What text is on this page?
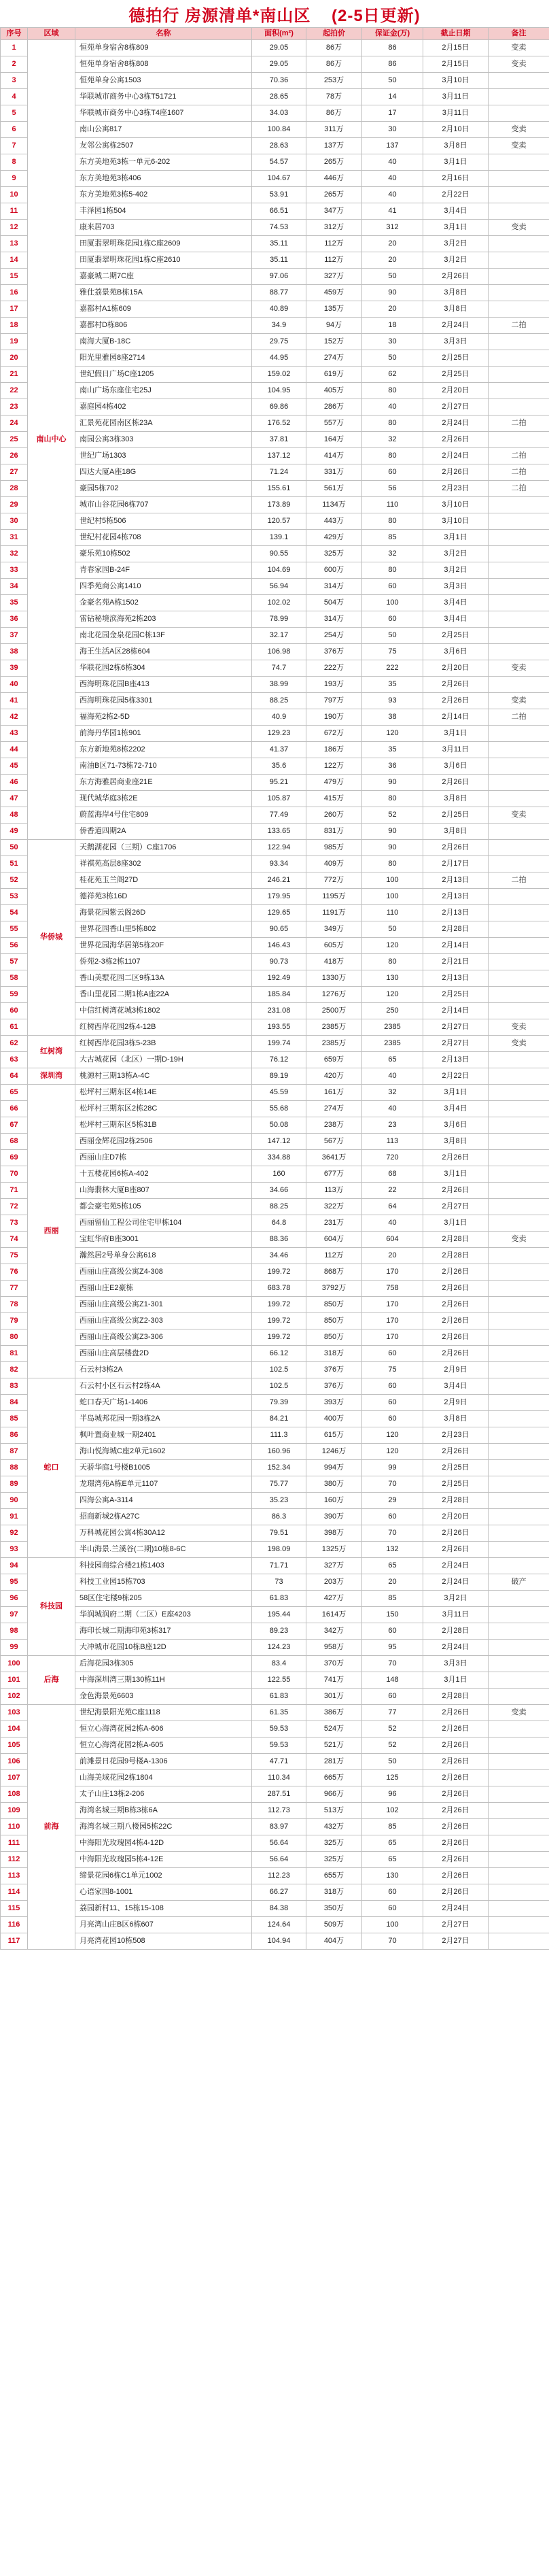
德拍行 房源清单*南山区    (2-5日更新)
序号	区域	名称	面积(m²)	起拍价	保证金(万)	截止日期	备注
1	南山中心	恒苑单身宿舍8栋809	29.05	86万	86	2月15日	变卖
2		恒苑单身宿舍8栋808	29.05	86万	86	2月15日	变卖
3		恒苑单身公寓1503	70.36	253万	50	3月10日	
4		华联城市商务中心3栋T51721	28.65	78万	14	3月11日	
5		华联城市商务中心3栋T4座1607	34.03	86万	17	3月11日	
6		南山公寓817	100.84	311万	30	2月10日	变卖
7		友邻公寓栋2507	28.63	137万	137	3月8日	变卖
8		东方美地苑3栋一单元6-202	54.57	265万	40	3月1日	
9		东方美地苑3栋406	104.67	446万	40	2月16日	
10		东方美地苑3栋5-402	53.91	265万	40	2月22日	
11		丰泽园1栋504	66.51	347万	41	3月4日	
12		康来居703	74.53	312万	312	3月1日	变卖
13		田厦翡翠明珠花园1栋C座2609	35.11	112万	20	3月2日	
14		田厦翡翠明珠花园1栋C座2610	35.11	112万	20	3月2日	
15		嘉豪城二期7C座	97.06	327万	50	2月26日	
16		雅仕荔景苑B栋15A	88.77	459万	90	3月8日	
17		嘉都村A1栋609	40.89	135万	20	3月8日	
18		嘉都村D栋806	34.9	94万	18	2月24日	二拍
19		南海大厦B-18C	29.75	152万	30	3月3日	
20		阳光里雅园8座2714	44.95	274万	50	2月25日	
21		世纪假日广场C座1205	159.02	619万	62	2月25日	
22		南山广场东座住宅25J	104.95	405万	80	2月20日	
23		嘉庭园4栋402	69.86	286万	40	2月27日	
24		汇景苑花园南区栋23A	176.52	557万	80	2月24日	二拍
25		南园公寓3栋303	37.81	164万	32	2月26日	
26		世纪广场1303	137.12	414万	80	2月24日	二拍
27		四达大厦A座18G	71.24	331万	60	2月26日	二拍
28		豪园5栋702	155.61	561万	56	2月23日	二拍
29		城市山谷花园6栋707	173.89	1134万	110	3月10日	
30		世纪村5栋506	120.57	443万	80	3月10日	
31		世纪村花园4栋708	139.1	429万	85	3月1日	
32		豪乐苑10栋502	90.55	325万	32	3月2日	
33		青春家园B-24F	104.69	600万	80	3月2日	
34		四季苑商公寓1410	56.94	314万	60	3月3日	
35		金豪名苑A栋1502	102.02	504万	100	3月4日	
36		雷钻秘境滨海苑2栋203	78.99	314万	60	3月4日	
37		南北花园金泉花园C栋13F	32.17	254万	50	2月25日	
38		海王生活A区28栋604	106.98	376万	75	3月6日	
39		华联花园2栋6栋304	74.7	222万	222	2月20日	变卖
40		西海明珠花园B座413	38.99	193万	35	2月26日	
41		西海明珠花园5栋3301	88.25	797万	93	2月26日	变卖
42		福海苑2栋2-5D	40.9	190万	38	2月14日	二拍
43		前海丹华园1栋901	129.23	672万	120	3月1日	
44		东方新地苑8栋2202	41.37	186万	35	3月11日	
45		南油B区71-73栋72-710	35.6	122万	36	3月6日	
46		东方海雅居商业座21E	95.21	479万	90	2月26日	
47		现代城华庭3栋2E	105.87	415万	80	3月8日	
48		蔚蓝海岸4号住宅809	77.49	260万	52	2月25日	变卖
49		侨香道四期2A	133.65	831万	90	3月8日	
50	华侨城	天鹅湖花园（三期）C座1706	122.94	985万	90	2月26日	
51		祥祺苑高层8座302	93.34	409万	80	2月17日	
52		桂花苑玉兰阁27D	246.21	772万	100	2月13日	二拍
53		德祥苑3栋16D	179.95	1195万	100	2月13日	
54		海景花园紫云阁26D	129.65	1191万	110	2月13日	
55		世界花园香山里5栋802	90.65	349万	50	2月28日	
56		世界花园海华居第5栋20F	146.43	605万	120	2月14日	
57		侨苑2-3栋2栋1107	90.73	418万	80	2月21日	
58		香山美墅花园二区9栋13A	192.49	1330万	130	2月13日	
59		香山里花园二期1栋A座22A	185.84	1276万	120	2月25日	
60		中信红树湾花城3栋1802	231.08	2500万	250	2月14日	
61		红树西岸花园2栋4-12B	193.55	2385万	2385	2月27日	变卖
62	红树湾	红树西岸花园3栋5-23B	199.74	2385万	2385	2月27日	变卖
63		大古城花园（北区）一期D-19H	76.12	659万	65	2月13日	
64	深圳湾	桃源村三期13栋A-4C	89.19	420万	40	2月22日	
65	西丽	松坪村三期东区4栋14E	45.59	161万	32	3月1日	
66		松坪村三期东区2栋28C	55.68	274万	40	3月4日	
67		松坪村三期东区5栋31B	50.08	238万	23	3月6日	
68		西丽金辉花园2栋2506	147.12	567万	113	3月8日	
69		西丽山庄D7栋	334.88	3641万	720	2月26日	
70		十五楼花园6栋A-402	160	677万	68	3月1日	
71		山海翡林大厦B座807	34.66	113万	22	2月26日	
72		都会豪宅苑5栋105	88.25	322万	64	2月27日	
73		西丽留仙工程公司住宅甲栋104	64.8	231万	40	3月1日	
74		宝虹华府B座3001	88.36	604万	604	2月28日	变卖
75		瀚然居2号单身公寓618	34.46	112万	20	2月28日	
76		西丽山庄高级公寓Z4-308	199.72	868万	170	2月26日	
77		西丽山庄E2豪栋	683.78	3792万	758	2月26日	
78		西丽山庄高级公寓Z1-301	199.72	850万	170	2月26日	
79		西丽山庄高级公寓Z2-303	199.72	850万	170	2月26日	
80		西丽山庄高级公寓Z3-306	199.72	850万	170	2月26日	
81		西丽山庄高层楼盘2D	66.12	318万	60	2月26日	
82		石云村3栋2A	102.5	376万	75	2月9日	
83	蛇口	石云村小区石云村2栋4A	102.5	376万	60	3月4日	
84		蛇口春天广场1-1406	79.39	393万	60	2月9日	
85		半岛城邦花园一期3栋2A	84.21	400万	60	3月8日	
86		枫叶置商业城一期2401	111.3	615万	120	2月23日	
87		海山悦海城C座2单元1602	160.96	1246万	120	2月26日	
88		天骄华庭1号楼B1005	152.34	994万	99	2月25日	
89		龙璟湾苑A栋E单元1107	75.77	380万	70	2月25日	
90		四海公寓A-3114	35.23	160万	29	2月28日	
91		招商新城2栋A27C	86.3	390万	60	2月20日	
92		万科城花园公寓4栋30A12	79.51	398万	70	2月26日	
93		半山海景.兰溪谷(二期)10栋8-6C	198.09	1325万	132	2月26日	
94	科技园	科技园商综合楼21栋1403	71.71	327万	65	2月24日	
95		科技工业园15栋703	73	203万	20	2月24日	破产
96		58区住宅楼9栋205	61.83	427万	85	3月2日	
97		华润城润府二期（二区）E座4203	195.44	1614万	150	3月11日	
98		海印长城二期海印苑3栋317	89.23	342万	60	2月28日	
99		大冲城市花园10栋B座12D	124.23	958万	95	2月24日	
100	后海	后海花园3栋305	83.4	370万	70	3月3日	
101		中海深圳湾三期130栋11H	122.55	741万	148	3月1日	
102		金色海景苑6603	61.83	301万	60	2月28日	
103	前海	世纪海景阳光苑C座1118	61.35	386万	77	2月26日	变卖
104		恒立心海湾花园2栋A-606	59.53	524万	52	2月26日	
105		恒立心海湾花园2栋A-605	59.53	521万	52	2月26日	
106		前滩景日花园9号楼A-1306	47.71	281万	50	2月26日	
107		山海美域花园2栋1804	110.34	665万	125	2月26日	
108		太子山庄13栋2-206	287.51	966万	96	2月26日	
109		海湾名城三期B栋3栋6A	112.73	513万	102	2月26日	
110		海湾名城三期八楼园5栋22C	83.97	432万	85	2月26日	
111		中海阳光玫瑰园4栋4-12D	56.64	325万	65	2月26日	
112		中海阳光玫瑰园5栋4-12E	56.64	325万	65	2月26日	
113		缔景花园6栋C1单元1002	112.23	655万	130	2月26日	
114		心语家园8-1001	66.27	318万	60	2月26日	
115		荔园新村11、15栋15-108	84.38	350万	60	2月24日	
116		月亮湾山庄B区6栋607	124.64	509万	100	2月27日	
117		月亮湾花园10栋508	104.94	404万	70	2月27日	
